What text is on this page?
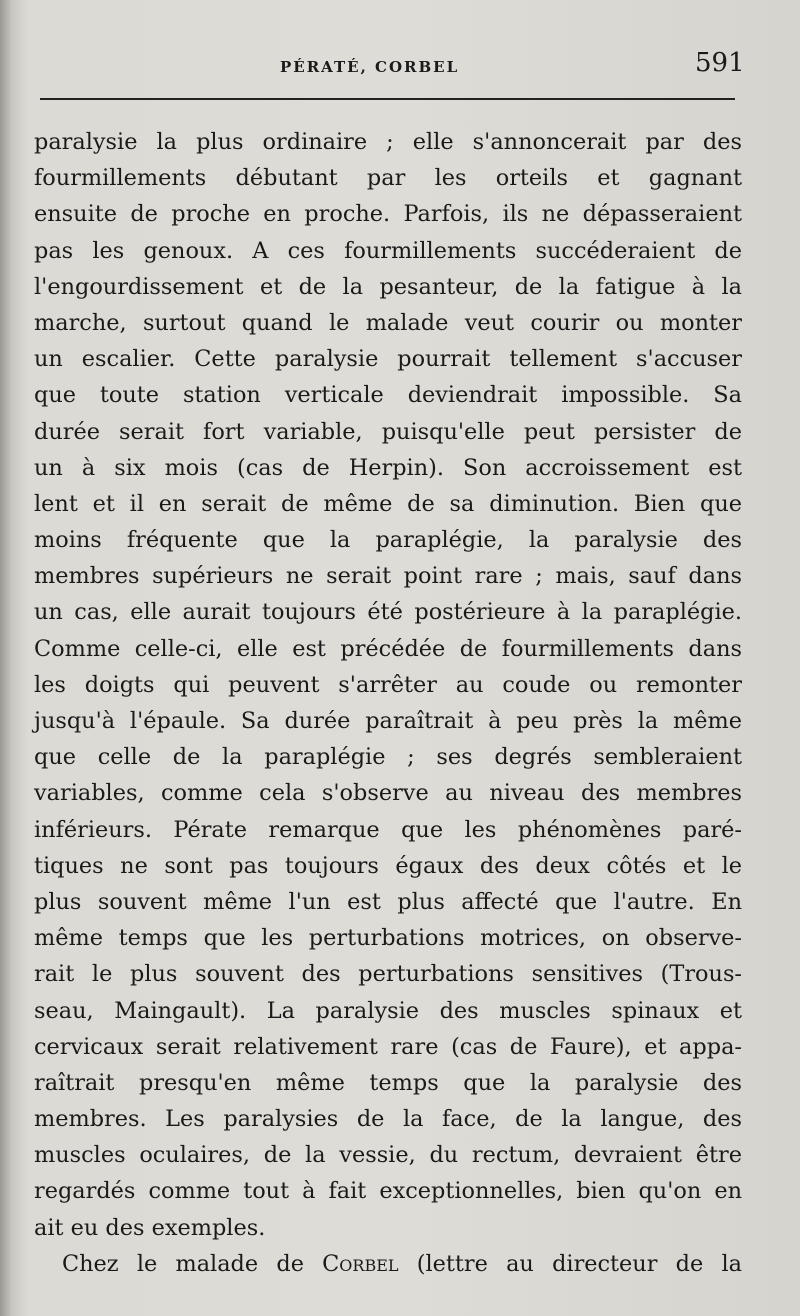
PÉRATÉ, CORBEL	591
paralysie la plus ordinaire ; elle s'annoncerait par des
fourmillements débutant par les orteils et gagnant
ensuite de proche en proche. Parfois, ils ne dépasseraient
pas les genoux. A ces fourmillements succéderaient de
l'engourdissement et de la pesanteur, de la fatigue à la
marche, surtout quand le malade veut courir ou monter
un escalier. Cette paralysie pourrait tellement s'accuser
que toute station verticale deviendrait impossible. Sa
durée serait fort variable, puisqu'elle peut persister de
un à six mois (cas de Herpin). Son accroissement est
lent et il en serait de même de sa diminution. Bien que
moins fréquente que la paraplégie, la paralysie des
membres supérieurs ne serait point rare ; mais, sauf dans
un cas, elle aurait toujours été postérieure à la paraplégie.
Comme celle-ci, elle est précédée de fourmillements dans
les doigts qui peuvent s'arrêter au coude ou remonter
jusqu'à l'épaule. Sa durée paraîtrait à peu près la même
que celle de la paraplégie ; ses degrés sembleraient
variables, comme cela s'observe au niveau des membres
inférieurs. Pérate remarque que les phénomènes paré-
tiques ne sont pas toujours égaux des deux côtés et le
plus souvent même l'un est plus affecté que l'autre. En
même temps que les perturbations motrices, on observe-
rait le plus souvent des perturbations sensitives (Trous-
seau, Maingault). La paralysie des muscles spinaux et
cervicaux serait relativement rare (cas de Faure), et appa-
raîtrait presqu'en même temps que la paralysie des
membres. Les paralysies de la face, de la langue, des
muscles oculaires, de la vessie, du rectum, devraient être
regardés comme tout à fait exceptionnelles, bien qu'on en
ait eu des exemples.
Chez le malade de Corbel (lettre au directeur de la
